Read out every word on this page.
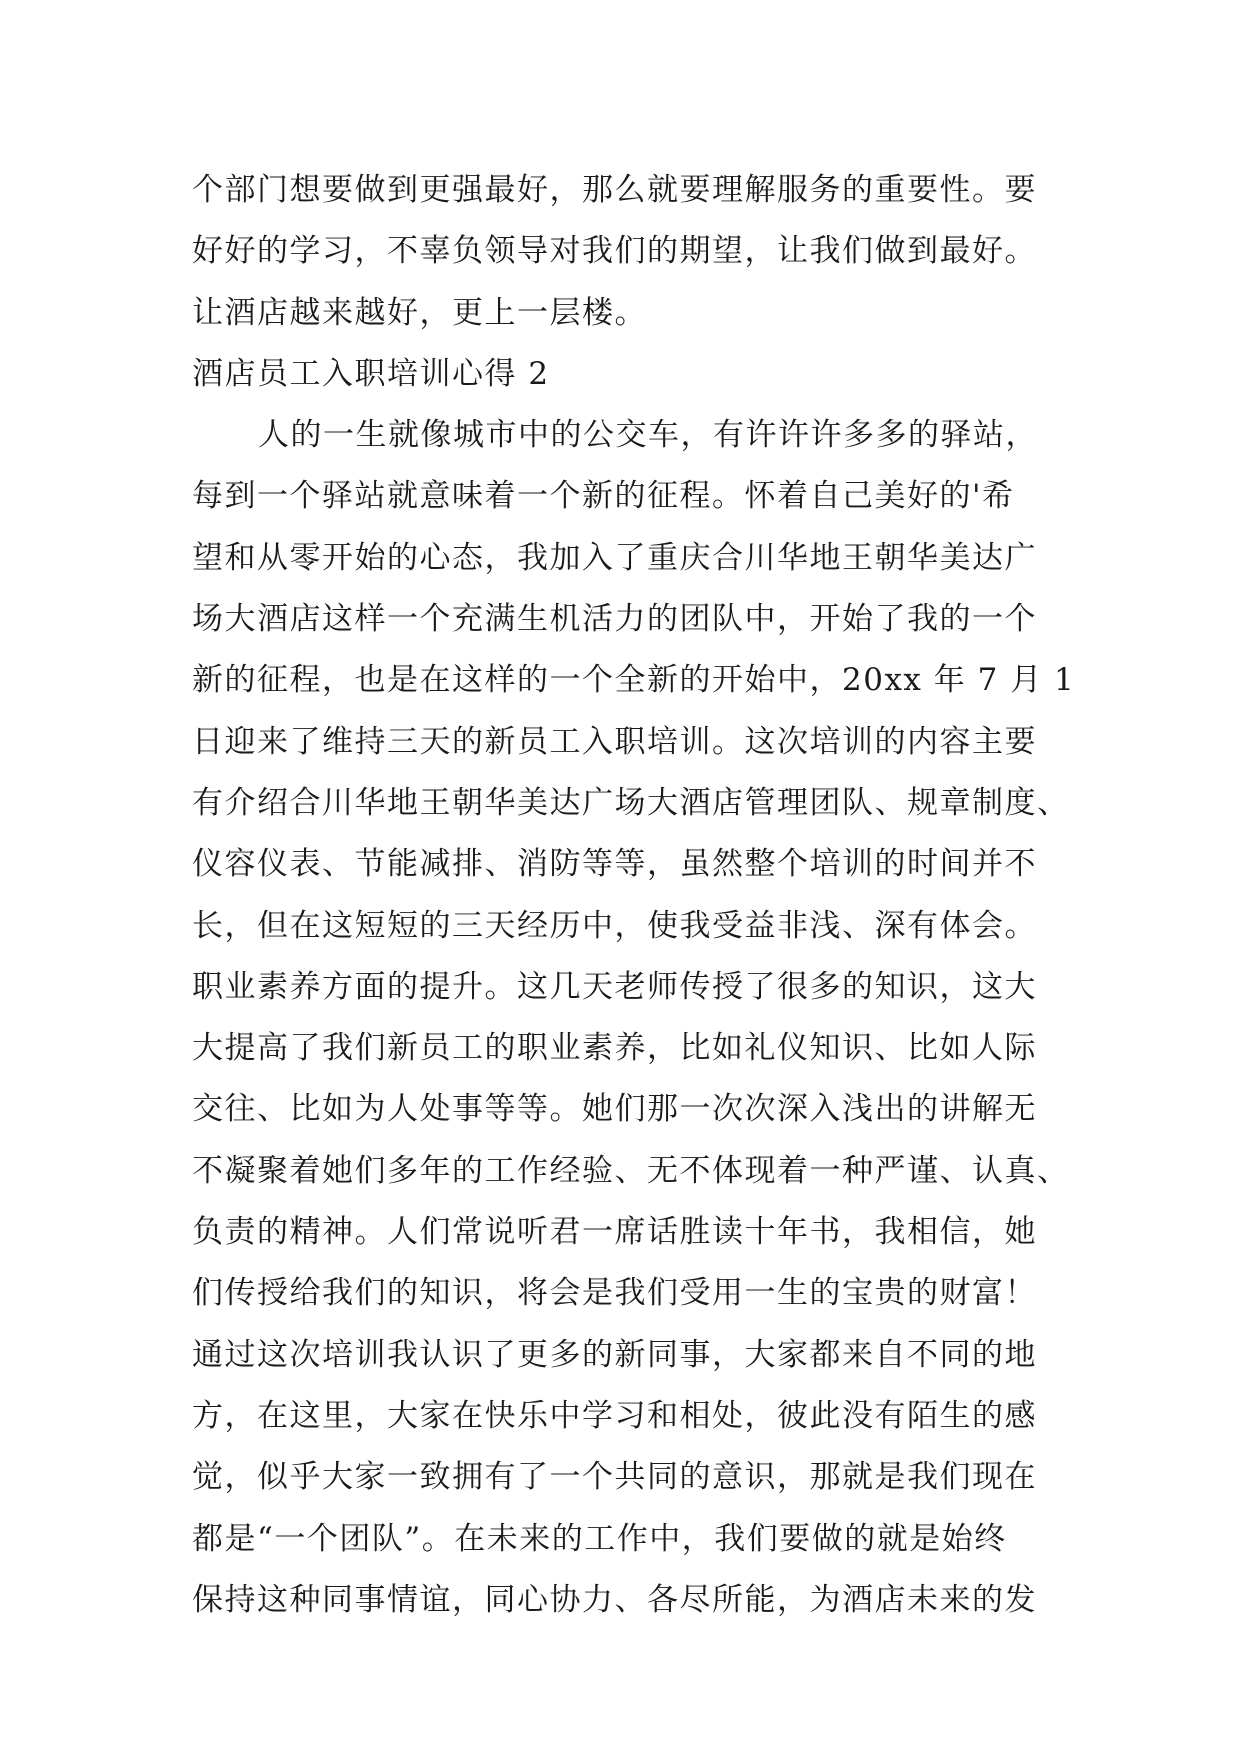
个部门想要做到更强最好，那么就要理解服务的重要性。要
好好的学习，不辜负领导对我们的期望，让我们做到最好。
让酒店越来越好，更上一层楼。
酒店员工入职培训心得 2
人的一生就像城市中的公交车，有许许许多多的驿站，
每到一个驿站就意味着一个新的征程。怀着自己美好的'希
望和从零开始的心态，我加入了重庆合川华地王朝华美达广
场大酒店这样一个充满生机活力的团队中，开始了我的一个
新的征程，也是在这样的一个全新的开始中，20xx 年 7 月 1
日迎来了维持三天的新员工入职培训。这次培训的内容主要
有介绍合川华地王朝华美达广场大酒店管理团队、规章制度、
仪容仪表、节能减排、消防等等，虽然整个培训的时间并不
长，但在这短短的三天经历中，使我受益非浅、深有体会。
职业素养方面的提升。这几天老师传授了很多的知识，这大
大提高了我们新员工的职业素养，比如礼仪知识、比如人际
交往、比如为人处事等等。她们那一次次深入浅出的讲解无
不凝聚着她们多年的工作经验、无不体现着一种严谨、认真、
负责的精神。人们常说听君一席话胜读十年书，我相信，她
们传授给我们的知识，将会是我们受用一生的宝贵的财富！
通过这次培训我认识了更多的新同事，大家都来自不同的地
方，在这里，大家在快乐中学习和相处，彼此没有陌生的感
觉，似乎大家一致拥有了一个共同的意识，那就是我们现在
都是“一个团队”。在未来的工作中，我们要做的就是始终
保持这种同事情谊，同心协力、各尽所能，为酒店未来的发
